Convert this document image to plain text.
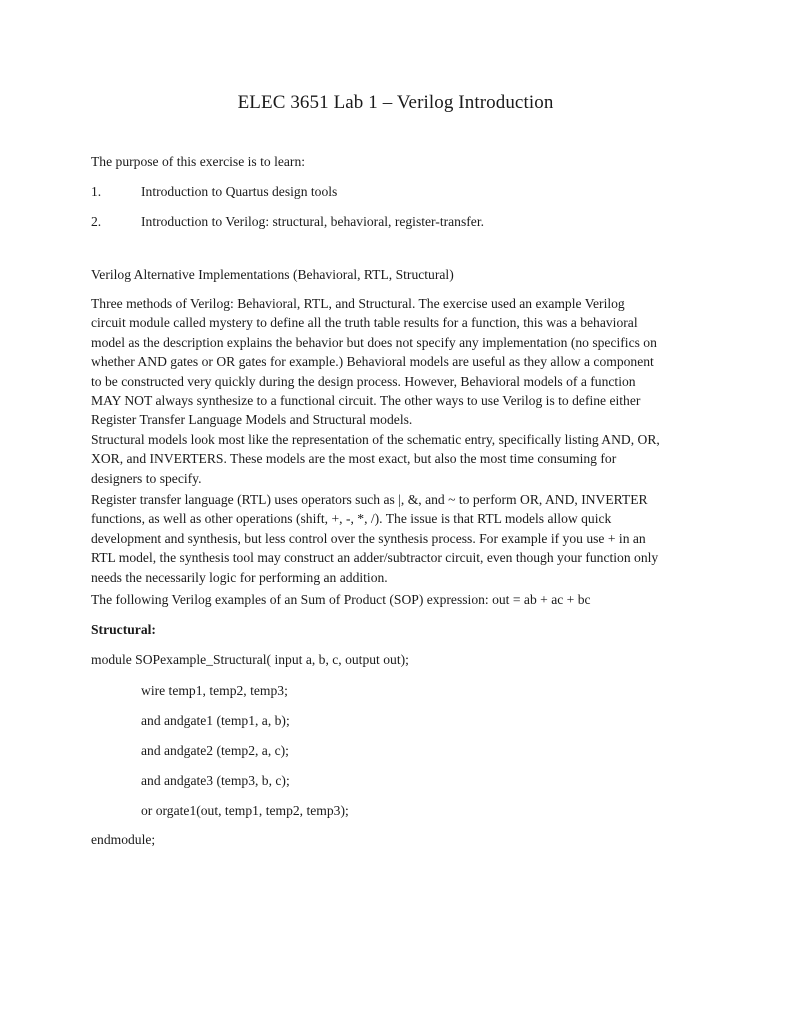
ELEC 3651 Lab 1 – Verilog Introduction
The purpose of this exercise is to learn:
1.	Introduction to Quartus design tools
2.	Introduction to Verilog: structural, behavioral, register-transfer.
Verilog Alternative Implementations (Behavioral, RTL, Structural)
Three methods of Verilog: Behavioral, RTL, and Structural. The exercise used an example Verilog
circuit module called mystery to define all the truth table results for a function, this was a behavioral
model as the description explains the behavior but does not specify any implementation (no specifics on
whether AND gates or OR gates for example.) Behavioral models are useful as they allow a component
to be constructed very quickly during the design process. However, Behavioral models of a function
MAY NOT always synthesize to a functional circuit. The other ways to use Verilog is to define either
Register Transfer Language Models and Structural models.
Structural models look most like the representation of the schematic entry, specifically listing AND, OR,
XOR, and INVERTERS. These models are the most exact, but also the most time consuming for
designers to specify.
Register transfer language (RTL) uses operators such as |, &, and ~ to perform OR, AND, INVERTER
functions, as well as other operations (shift, +, -, *, /). The issue is that RTL models allow quick
development and synthesis, but less control over the synthesis process. For example if you use + in an
RTL model, the synthesis tool may construct an adder/subtractor circuit, even though your function only
needs the necessarily logic for performing an addition.
The following Verilog examples of an Sum of Product (SOP) expression: out = ab + ac + bc
Structural:
module SOPexample_Structural( input a, b, c, output out);
wire temp1, temp2, temp3;
and andgate1 (temp1, a, b);
and andgate2 (temp2, a, c);
and andgate3 (temp3, b, c);
or orgate1(out, temp1, temp2, temp3);
endmodule;
